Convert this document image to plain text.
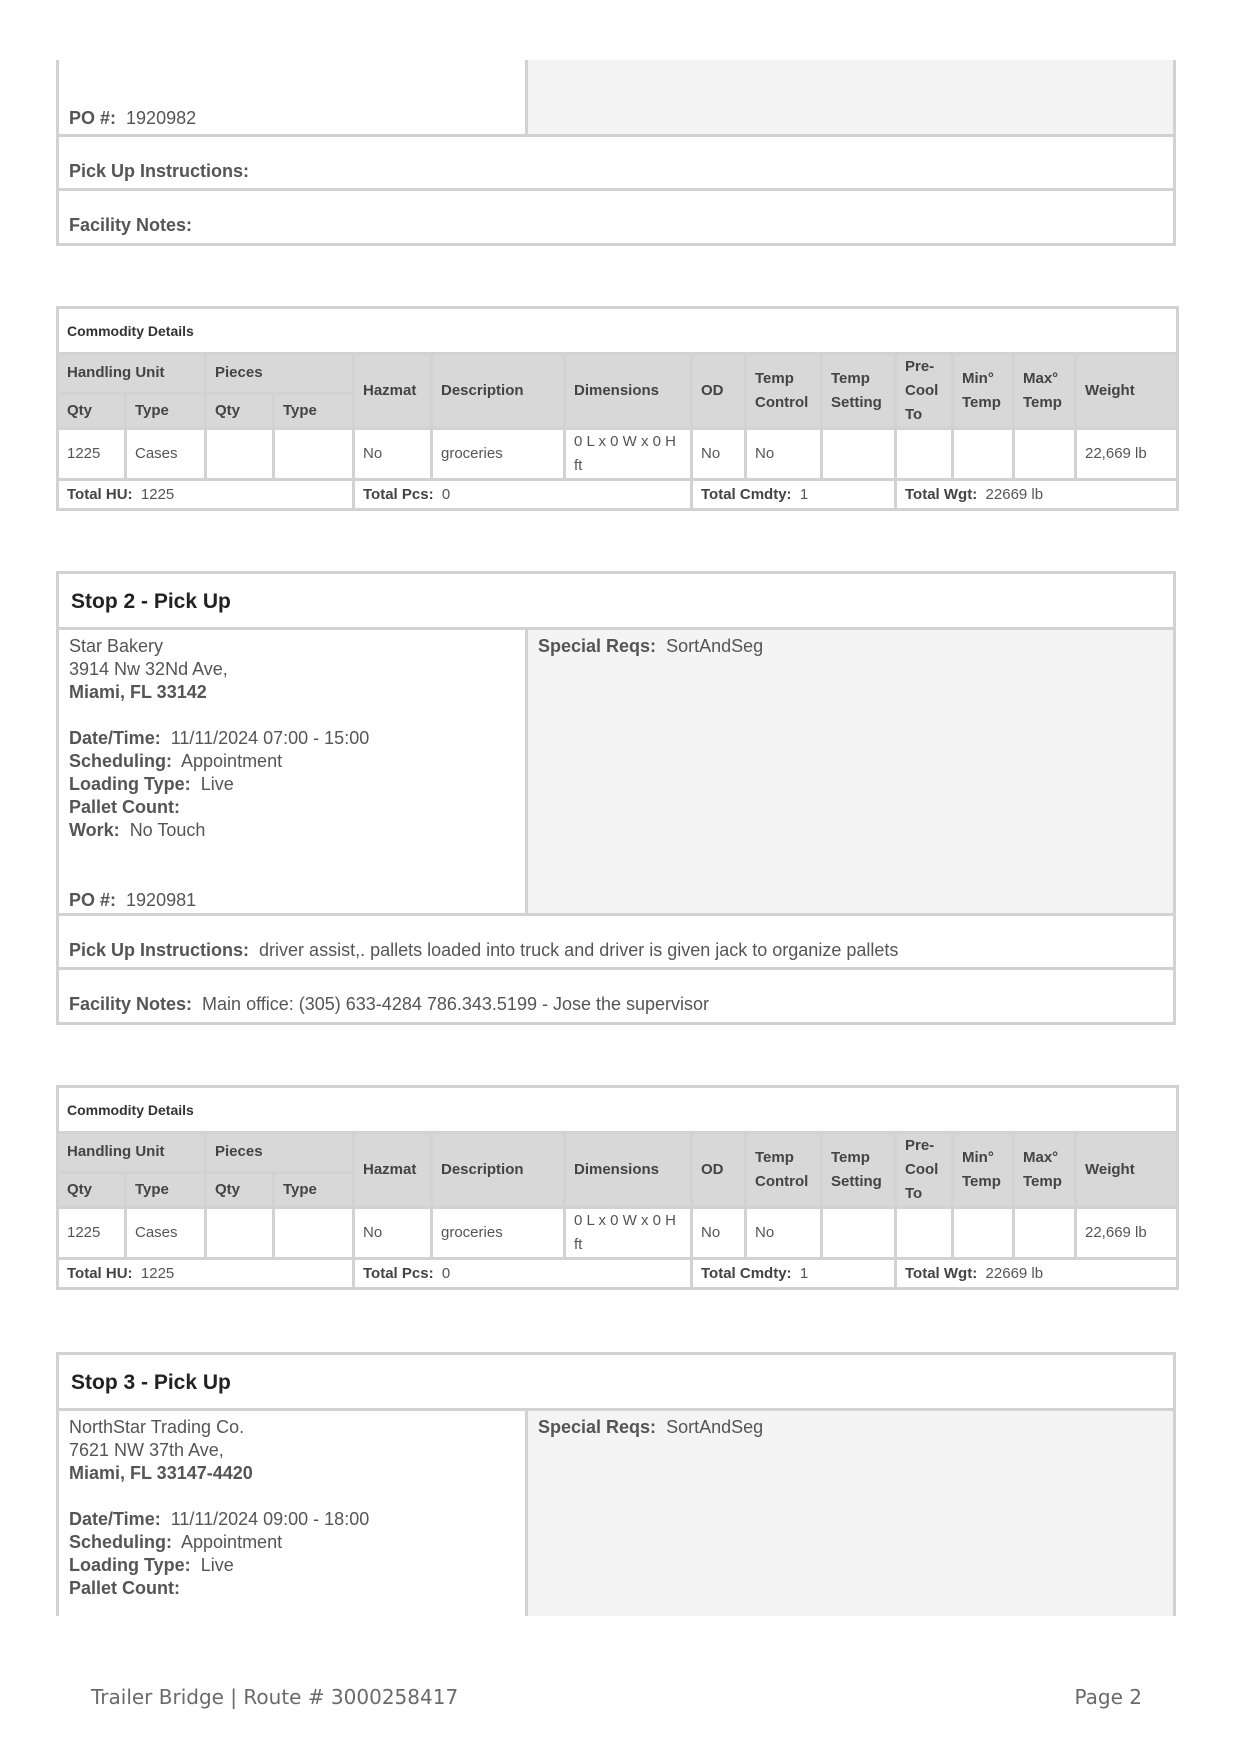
PO #: 1920982
Pick Up Instructions:
Facility Notes:
Commodity Details													
Handling Unit		Pieces		Hazmat	Description	Dimensions	OD	Temp Control	Temp Setting	Pre-Cool To	Min° Temp	Max° Temp	Weight
Qty	Type	Qty	Type										
1225	Cases			No	groceries	0 L x 0 W x 0 H ft	No	No					22,669 lb
Total HU: 1225				Total Pcs: 0			Total Cmdty: 1			Total Wgt: 22669 lb			
Stop 2 - Pick Up
Star Bakery
3914 Nw 32Nd Ave,
Miami, FL 33142
Date/Time: 11/11/2024 07:00 - 15:00
Scheduling: Appointment
Loading Type: Live
Pallet Count:
Work: No Touch
PO #: 1920981
Special Reqs: SortAndSeg
Pick Up Instructions: driver assist,. pallets loaded into truck and driver is given jack to organize pallets
Facility Notes: Main office: (305) 633-4284 786.343.5199 - Jose the supervisor
Commodity Details													
Handling Unit		Pieces		Hazmat	Description	Dimensions	OD	Temp Control	Temp Setting	Pre-Cool To	Min° Temp	Max° Temp	Weight
Qty	Type	Qty	Type										
1225	Cases			No	groceries	0 L x 0 W x 0 H ft	No	No					22,669 lb
Total HU: 1225				Total Pcs: 0			Total Cmdty: 1			Total Wgt: 22669 lb			
Stop 3 - Pick Up
NorthStar Trading Co.
7621 NW 37th Ave,
Miami, FL 33147-4420
Date/Time: 11/11/2024 09:00 - 18:00
Scheduling: Appointment
Loading Type: Live
Pallet Count:
Special Reqs: SortAndSeg
Trailer Bridge | Route # 3000258417	Page 2
